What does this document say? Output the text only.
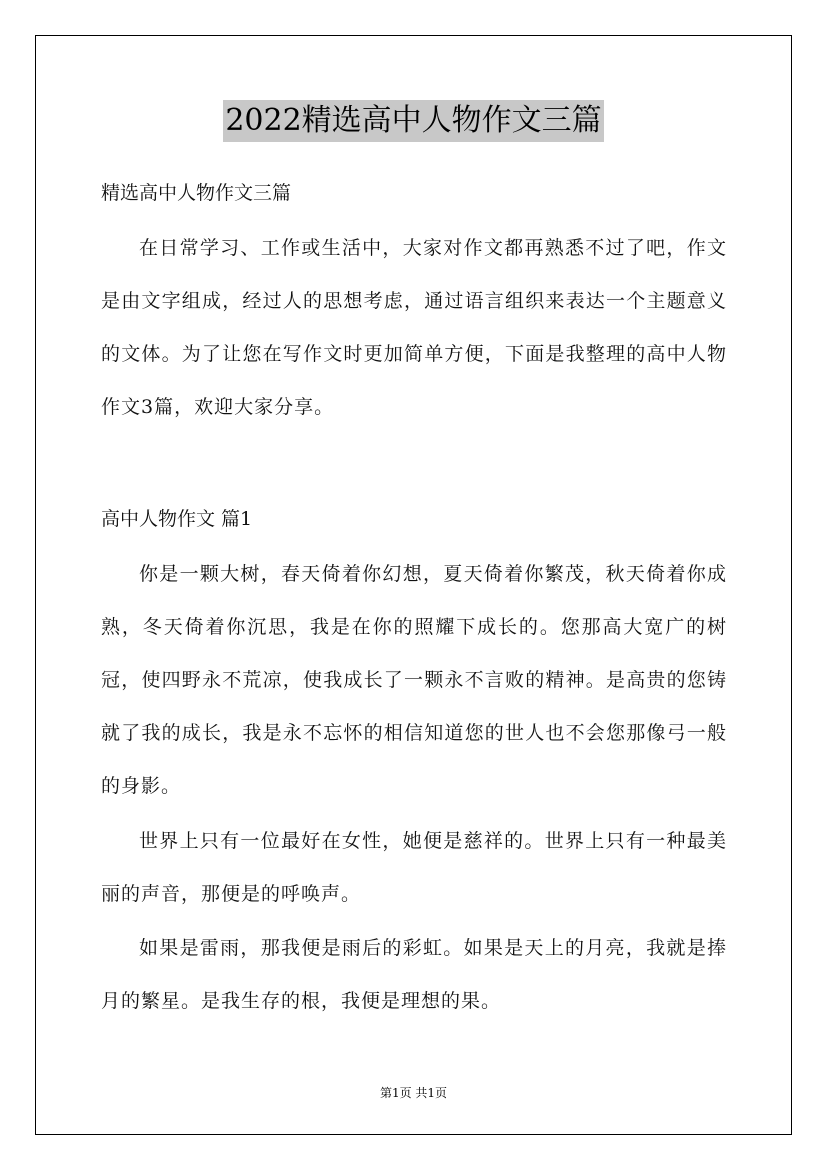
2022精选高中人物作文三篇

精选高中人物作文三篇

在日常学习、工作或生活中，大家对作文都再熟悉不过了吧，作文是由文字组成，经过人的思想考虑，通过语言组织来表达一个主题意义的文体。为了让您在写作文时更加简单方便，下面是我整理的高中人物作文3篇，欢迎大家分享。

高中人物作文 篇1

你是一颗大树，春天倚着你幻想，夏天倚着你繁茂，秋天倚着你成熟，冬天倚着你沉思，我是在你的照耀下成长的。您那高大宽广的树冠，使四野永不荒凉，使我成长了一颗永不言败的精神。是高贵的您铸就了我的成长，我是永不忘怀的相信知道您的世人也不会您那像弓一般的身影。

世界上只有一位最好在女性，她便是慈祥的。世界上只有一种最美丽的声音，那便是的呼唤声。

如果是雷雨，那我便是雨后的彩虹。如果是天上的月亮，我就是捧月的繁星。是我生存的根，我便是理想的果。

第1页 共1页
